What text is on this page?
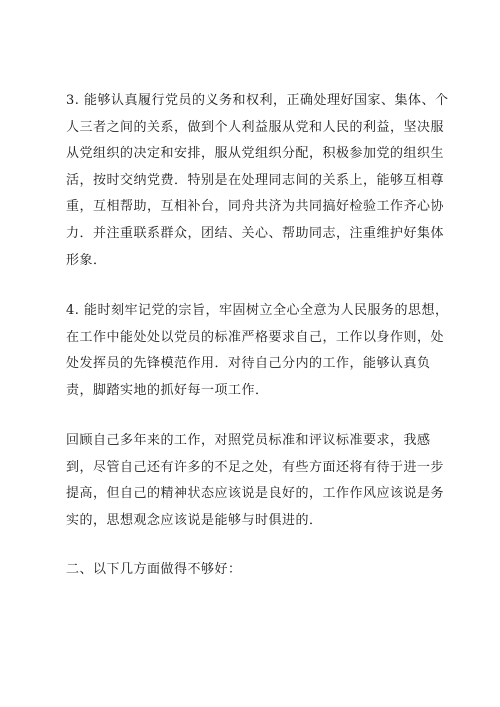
3. 能够认真履行党员的义务和权利，正确处理好国家、集体、个
人三者之间的关系，做到个人利益服从党和人民的利益，坚决服
从党组织的决定和安排，服从党组织分配，积极参加党的组织生
活，按时交纳党费．特别是在处理同志间的关系上，能够互相尊
重，互相帮助，互相补台，同舟共济为共同搞好检验工作齐心协
力．并注重联系群众，团结、关心、帮助同志，注重维护好集体
形象．
4. 能时刻牢记党的宗旨，牢固树立全心全意为人民服务的思想，
在工作中能处处以党员的标准严格要求自己，工作以身作则，处
处发挥员的先锋模范作用．对待自己分内的工作，能够认真负
责，脚踏实地的抓好每一项工作．
回顾自己多年来的工作，对照党员标准和评议标准要求，我感
到，尽管自己还有许多的不足之处，有些方面还将有待于进一步
提高，但自己的精神状态应该说是良好的，工作作风应该说是务
实的，思想观念应该说是能够与时俱进的．
二、以下几方面做得不够好：
